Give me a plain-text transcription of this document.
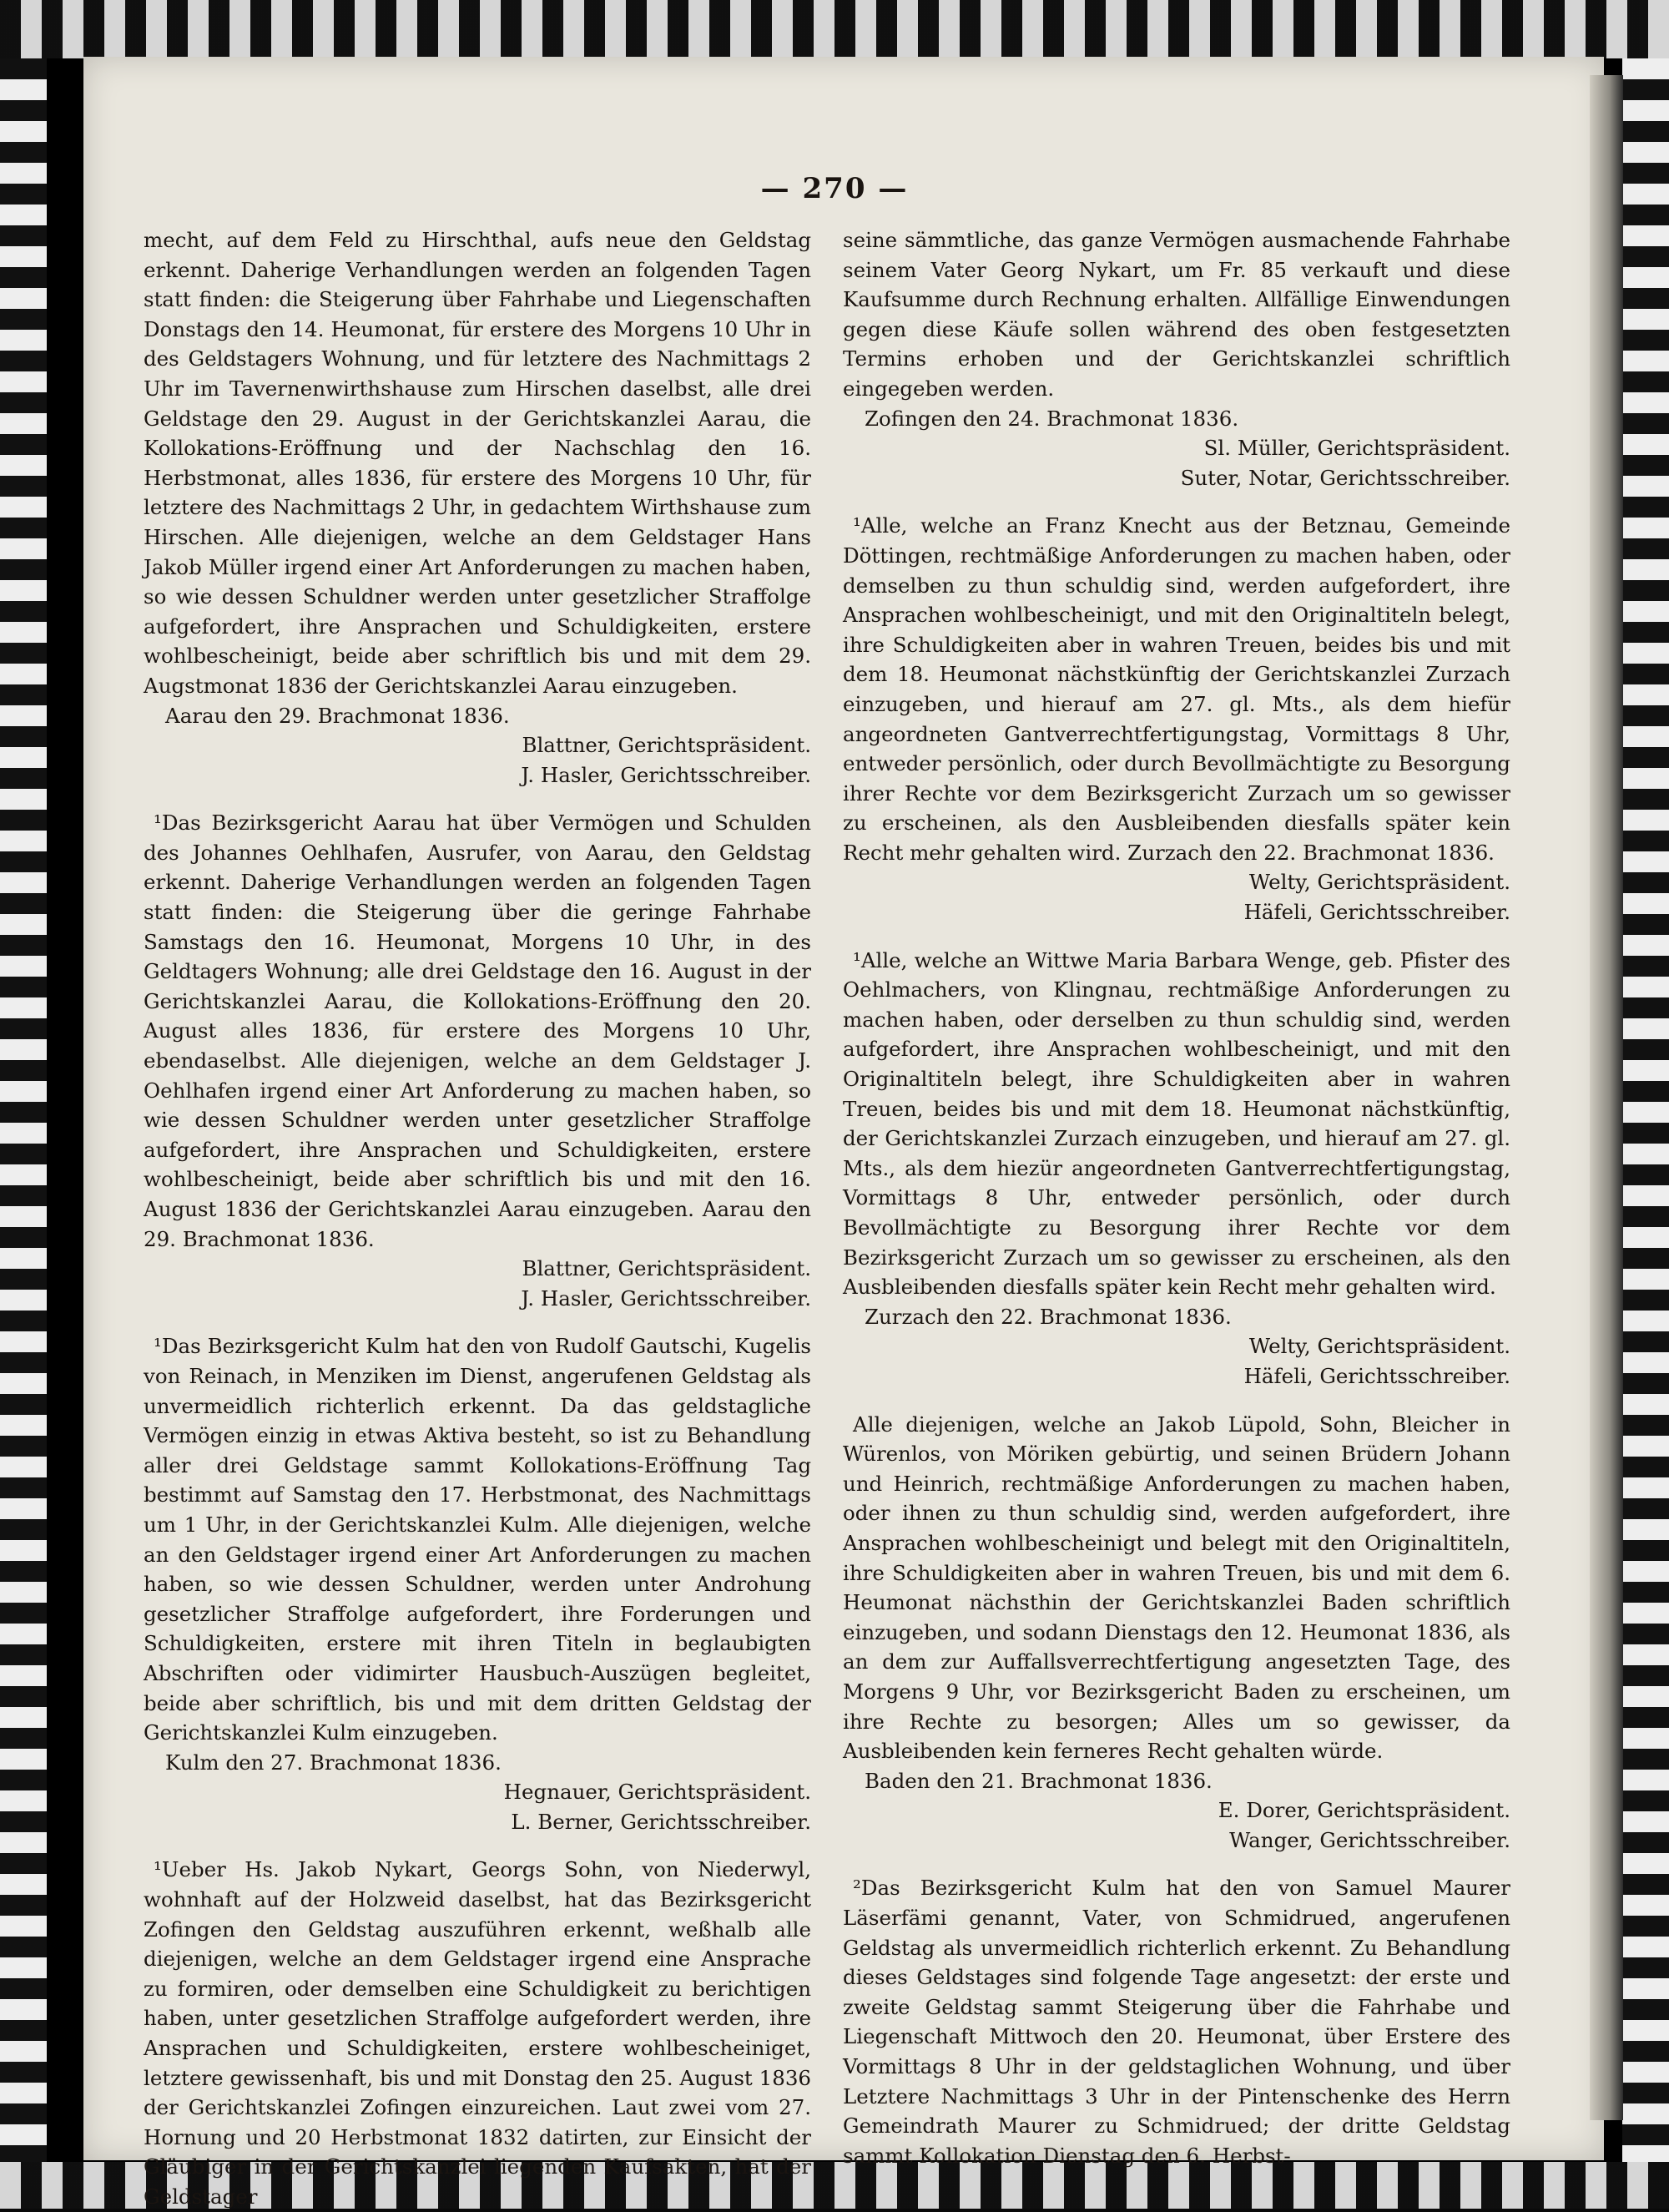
— 270 —

mecht, auf dem Feld zu Hirschthal, aufs neue den Geldstag erkennt. Daherige Verhandlungen werden an folgenden Tagen statt finden: die Steigerung über Fahrhabe und Liegenschaften Donstags den 14. Heumonat, für erstere des Morgens 10 Uhr in des Geldstagers Wohnung, und für letztere des Nachmittags 2 Uhr im Tavernenwirthshause zum Hirschen daselbst, alle drei Geldstage den 29. August in der Gerichtskanzlei Aarau, die Kollokations-Eröffnung und der Nachschlag den 16. Herbstmonat, alles 1836, für erstere des Morgens 10 Uhr, für letztere des Nachmittags 2 Uhr, in gedachtem Wirthshause zum Hirschen. Alle diejenigen, welche an dem Geldstager Hans Jakob Müller irgend einer Art Anforderungen zu machen haben, so wie dessen Schuldner werden unter gesetzlicher Straffolge aufgefordert, ihre Ansprachen und Schuldigkeiten, erstere wohlbescheinigt, beide aber schriftlich bis und mit dem 29. Augstmonat 1836 der Gerichtskanzlei Aarau einzugeben.

Aarau den 29. Brachmonat 1836.

Blattner, Gerichtspräsident.

J. Hasler, Gerichtsschreiber.

¹Das Bezirksgericht Aarau hat über Vermögen und Schulden des Johannes Oehlhafen, Ausrufer, von Aarau, den Geldstag erkennt. Daherige Verhandlungen werden an folgenden Tagen statt finden: die Steigerung über die geringe Fahrhabe Samstags den 16. Heumonat, Morgens 10 Uhr, in des Geldtagers Wohnung; alle drei Geldstage den 16. August in der Gerichtskanzlei Aarau, die Kollokations-Eröffnung den 20. August alles 1836, für erstere des Morgens 10 Uhr, ebendaselbst. Alle diejenigen, welche an dem Geldstager J. Oehlhafen irgend einer Art Anforderung zu machen haben, so wie dessen Schuldner werden unter gesetzlicher Straffolge aufgefordert, ihre Ansprachen und Schuldigkeiten, erstere wohlbescheinigt, beide aber schriftlich bis und mit den 16. August 1836 der Gerichtskanzlei Aarau einzugeben. Aarau den 29. Brachmonat 1836.

Blattner, Gerichtspräsident.

J. Hasler, Gerichtsschreiber.

¹Das Bezirksgericht Kulm hat den von Rudolf Gautschi, Kugelis von Reinach, in Menziken im Dienst, angerufenen Geldstag als unvermeidlich richterlich erkennt. Da das geldstagliche Vermögen einzig in etwas Aktiva besteht, so ist zu Behandlung aller drei Geldstage sammt Kollokations-Eröffnung Tag bestimmt auf Samstag den 17. Herbstmonat, des Nachmittags um 1 Uhr, in der Gerichtskanzlei Kulm. Alle diejenigen, welche an den Geldstager irgend einer Art Anforderungen zu machen haben, so wie dessen Schuldner, werden unter Androhung gesetzlicher Straffolge aufgefordert, ihre Forderungen und Schuldigkeiten, erstere mit ihren Titeln in beglaubigten Abschriften oder vidimirter Hausbuch-Auszügen begleitet, beide aber schriftlich, bis und mit dem dritten Geldstag der Gerichtskanzlei Kulm einzugeben.

Kulm den 27. Brachmonat 1836.

Hegnauer, Gerichtspräsident.

L. Berner, Gerichtsschreiber.

¹Ueber Hs. Jakob Nykart, Georgs Sohn, von Niederwyl, wohnhaft auf der Holzweid daselbst, hat das Bezirksgericht Zofingen den Geldstag auszuführen erkennt, weßhalb alle diejenigen, welche an dem Geldstager irgend eine Ansprache zu formiren, oder demselben eine Schuldigkeit zu berichtigen haben, unter gesetzlichen Straffolge aufgefordert werden, ihre Ansprachen und Schuldigkeiten, erstere wohlbescheiniget, letztere gewissenhaft, bis und mit Donstag den 25. August 1836 der Gerichtskanzlei Zofingen einzureichen. Laut zwei vom 27. Hornung und 20 Herbstmonat 1832 datirten, zur Einsicht der Gläubiger in der Gerichtskanzlei liegenden Kaufsakten, hat der Geldstager

seine sämmtliche, das ganze Vermögen ausmachende Fahrhabe seinem Vater Georg Nykart, um Fr. 85 verkauft und diese Kaufsumme durch Rechnung erhalten. Allfällige Einwendungen gegen diese Käufe sollen während des oben festgesetzten Termins erhoben und der Gerichtskanzlei schriftlich eingegeben werden.

Zofingen den 24. Brachmonat 1836.

Sl. Müller, Gerichtspräsident.

Suter, Notar, Gerichtsschreiber.

¹Alle, welche an Franz Knecht aus der Betznau, Gemeinde Döttingen, rechtmäßige Anforderungen zu machen haben, oder demselben zu thun schuldig sind, werden aufgefordert, ihre Ansprachen wohlbescheinigt, und mit den Originaltiteln belegt, ihre Schuldigkeiten aber in wahren Treuen, beides bis und mit dem 18. Heumonat nächstkünftig der Gerichtskanzlei Zurzach einzugeben, und hierauf am 27. gl. Mts., als dem hiefür angeordneten Gantverrechtfertigungstag, Vormittags 8 Uhr, entweder persönlich, oder durch Bevollmächtigte zu Besorgung ihrer Rechte vor dem Bezirksgericht Zurzach um so gewisser zu erscheinen, als den Ausbleibenden diesfalls später kein Recht mehr gehalten wird. Zurzach den 22. Brachmonat 1836.

Welty, Gerichtspräsident.

Häfeli, Gerichtsschreiber.

¹Alle, welche an Wittwe Maria Barbara Wenge, geb. Pfister des Oehlmachers, von Klingnau, rechtmäßige Anforderungen zu machen haben, oder derselben zu thun schuldig sind, werden aufgefordert, ihre Ansprachen wohlbescheinigt, und mit den Originaltiteln belegt, ihre Schuldigkeiten aber in wahren Treuen, beides bis und mit dem 18. Heumonat nächstkünftig, der Gerichtskanzlei Zurzach einzugeben, und hierauf am 27. gl. Mts., als dem hiezür angeordneten Gantverrechtfertigungstag, Vormittags 8 Uhr, entweder persönlich, oder durch Bevollmächtigte zu Besorgung ihrer Rechte vor dem Bezirksgericht Zurzach um so gewisser zu erscheinen, als den Ausbleibenden diesfalls später kein Recht mehr gehalten wird.

Zurzach den 22. Brachmonat 1836.

Welty, Gerichtspräsident.

Häfeli, Gerichtsschreiber.

Alle diejenigen, welche an Jakob Lüpold, Sohn, Bleicher in Würenlos, von Möriken gebürtig, und seinen Brüdern Johann und Heinrich, rechtmäßige Anforderungen zu machen haben, oder ihnen zu thun schuldig sind, werden aufgefordert, ihre Ansprachen wohlbescheinigt und belegt mit den Originaltiteln, ihre Schuldigkeiten aber in wahren Treuen, bis und mit dem 6. Heumonat nächsthin der Gerichtskanzlei Baden schriftlich einzugeben, und sodann Dienstags den 12. Heumonat 1836, als an dem zur Auffallsverrechtfertigung angesetzten Tage, des Morgens 9 Uhr, vor Bezirksgericht Baden zu erscheinen, um ihre Rechte zu besorgen; Alles um so gewisser, da Ausbleibenden kein ferneres Recht gehalten würde.

Baden den 21. Brachmonat 1836.

E. Dorer, Gerichtspräsident.

Wanger, Gerichtsschreiber.

²Das Bezirksgericht Kulm hat den von Samuel Maurer Läserfämi genannt, Vater, von Schmidrued, angerufenen Geldstag als unvermeidlich richterlich erkennt. Zu Behandlung dieses Geldstages sind folgende Tage angesetzt: der erste und zweite Geldstag sammt Steigerung über die Fahrhabe und Liegenschaft Mittwoch den 20. Heumonat, über Erstere des Vormittags 8 Uhr in der geldstaglichen Wohnung, und über Letztere Nachmittags 3 Uhr in der Pintenschenke des Herrn Gemeindrath Maurer zu Schmidrued; der dritte Geldstag sammt Kollokation Dienstag den 6. Herbst-
